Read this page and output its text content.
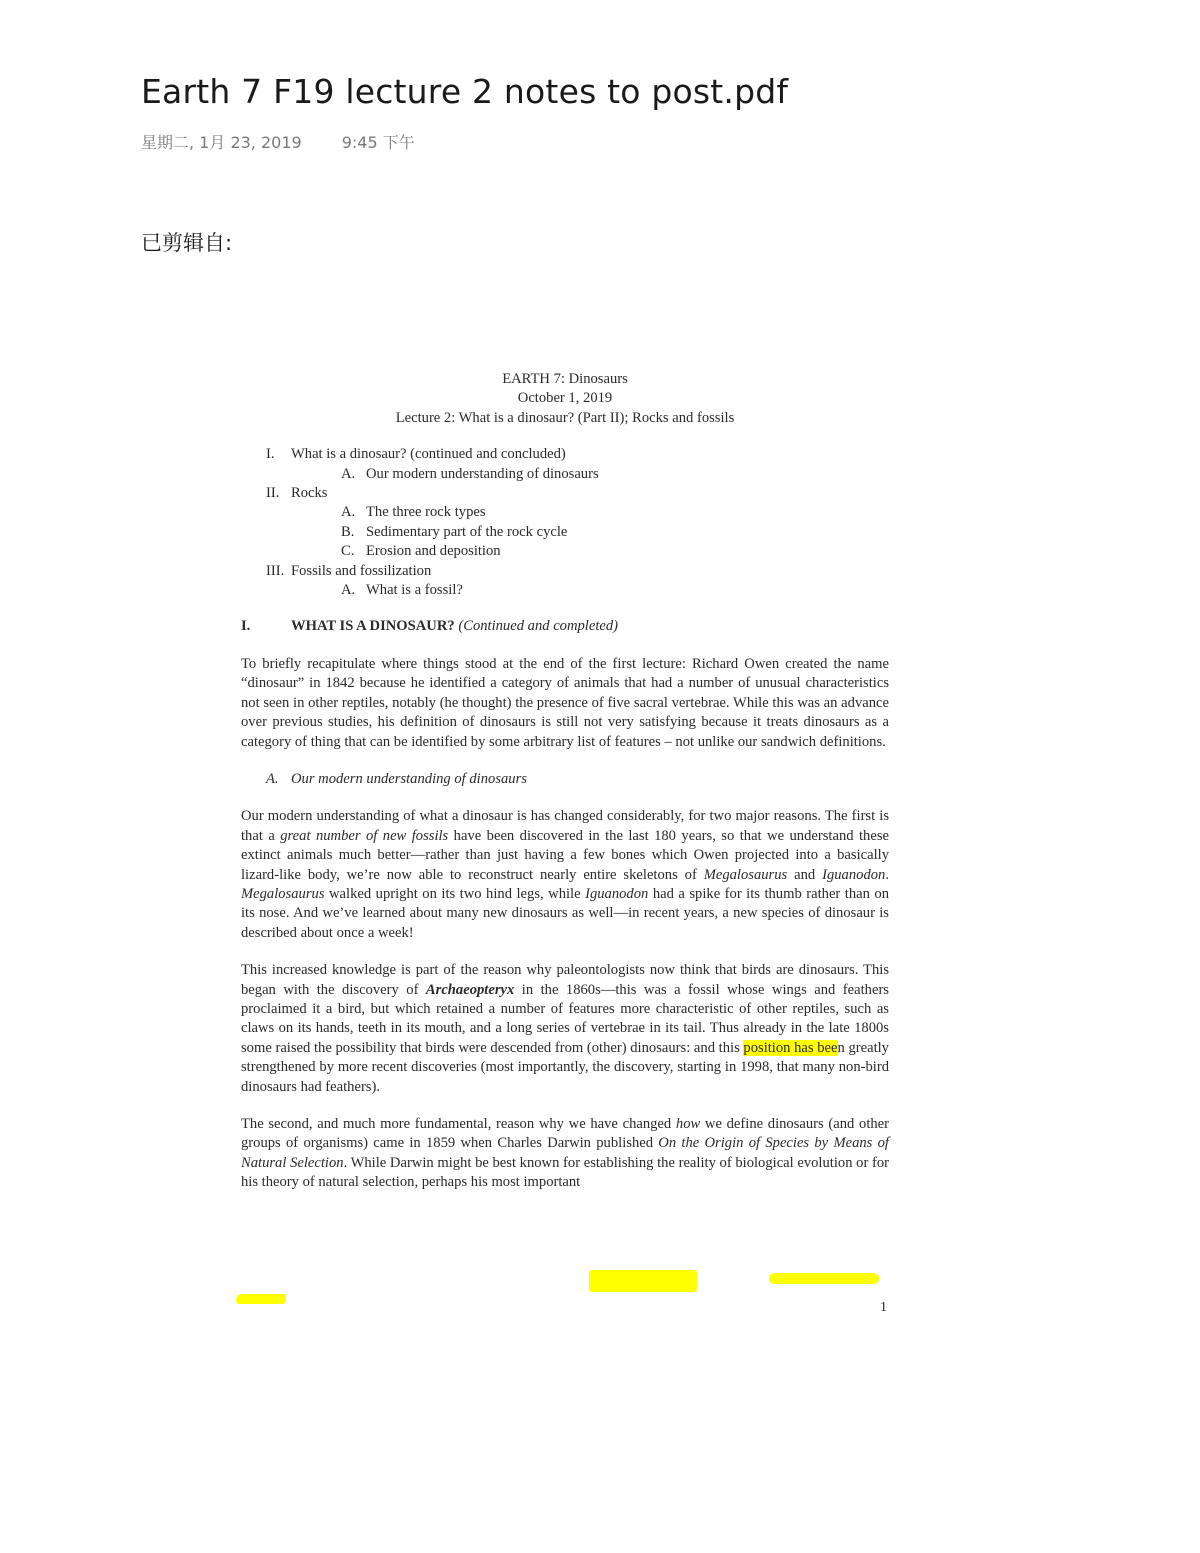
Earth 7 F19 lecture 2 notes to post.pdf
星期二, 1月 23, 2019	9:45 下午
已剪辑自:
EARTH 7: Dinosaurs
October 1, 2019
Lecture 2: What is a dinosaur? (Part II); Rocks and fossils
I. What is a dinosaur? (continued and concluded)
A. Our modern understanding of dinosaurs
II. Rocks
A. The three rock types
B. Sedimentary part of the rock cycle
C. Erosion and deposition
III. Fossils and fossilization
A. What is a fossil?
I.	WHAT IS A DINOSAUR? (Continued and completed)
To briefly recapitulate where things stood at the end of the first lecture: Richard Owen created the name “dinosaur” in 1842 because he identified a category of animals that had a number of unusual characteristics not seen in other reptiles, notably (he thought) the presence of five sacral vertebrae. While this was an advance over previous studies, his definition of dinosaurs is still not very satisfying because it treats dinosaurs as a category of thing that can be identified by some arbitrary list of features – not unlike our sandwich definitions.
A. Our modern understanding of dinosaurs
Our modern understanding of what a dinosaur is has changed considerably, for two major reasons. The first is that a great number of new fossils have been discovered in the last 180 years, so that we understand these extinct animals much better—rather than just having a few bones which Owen projected into a basically lizard-like body, we’re now able to reconstruct nearly entire skeletons of Megalosaurus and Iguanodon. Megalosaurus walked upright on its two hind legs, while Iguanodon had a spike for its thumb rather than on its nose. And we’ve learned about many new dinosaurs as well—in recent years, a new species of dinosaur is described about once a week!
This increased knowledge is part of the reason why paleontologists now think that birds are dinosaurs. This began with the discovery of Archaeopteryx in the 1860s—this was a fossil whose wings and feathers proclaimed it a bird, but which retained a number of features more characteristic of other reptiles, such as claws on its hands, teeth in its mouth, and a long series of vertebrae in its tail. Thus already in the late 1800s some raised the possibility that birds were descended from (other) dinosaurs: and this position has been greatly strengthened by more recent discoveries (most importantly, the discovery, starting in 1998, that many non-bird dinosaurs had feathers).
The second, and much more fundamental, reason why we have changed how we define dinosaurs (and other groups of organisms) came in 1859 when Charles Darwin published On the Origin of Species by Means of Natural Selection. While Darwin might be best known for establishing the reality of biological evolution or for his theory of natural selection, perhaps his most important
1
